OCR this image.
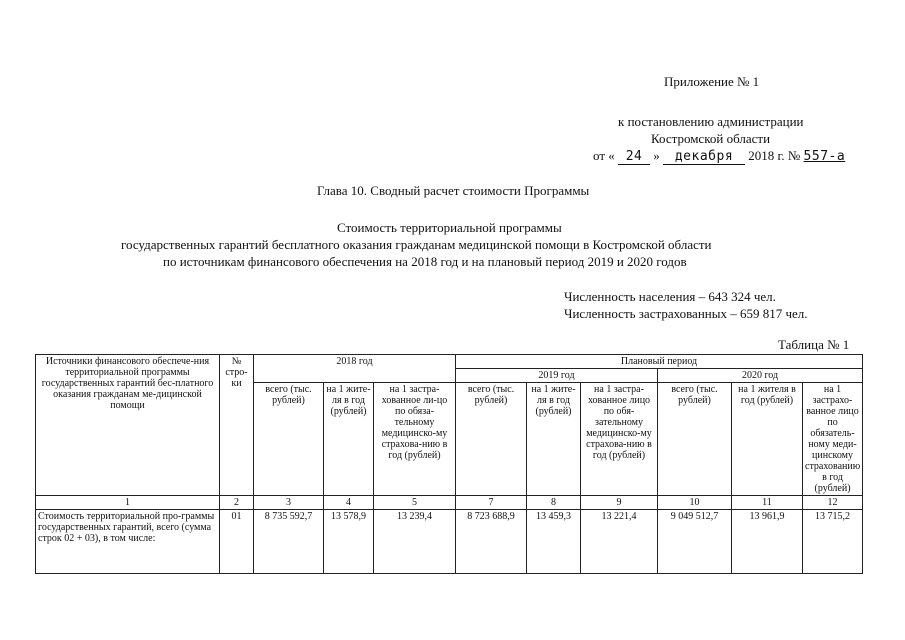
Приложение № 1
к постановлению администрации
Костромской области
от « 24 » декабря 2018 г. № 557-а
Глава 10. Сводный расчет стоимости Программы
Стоимость территориальной программы
государственных гарантий бесплатного оказания гражданам медицинской помощи в Костромской области
по источникам финансового обеспечения на 2018 год и на плановый период 2019 и 2020 годов
Численность населения – 643 324 чел.
Численность застрахованных – 659 817 чел.
Таблица № 1
Источники финансового обеспече-ния территориальной программы государственных гарантий бес-платного оказания гражданам ме-дицинской помощи	№ стро-ки	2018 год			Плановый период					
					2019 год			2020 год		
		всего (тыс. рублей)	на 1 жите-ля в год (рублей)	на 1 застра-хованное ли-цо по обяза-тельному медицинско-му страхова-нию в год (рублей)	всего (тыс. рублей)	на 1 жите-ля в год (рублей)	на 1 застра-хованное лицо по обя-зательному медицинско-му страхова-нию в год (рублей)	всего (тыс. рублей)	на 1 жителя в год (рублей)	на 1 застрахо-ванное лицо по обязатель-ному меди-цинскому страхованию в год (рублей)
1	2	3	4	5	7	8	9	10	11	12
Стоимость территориальной про-граммы государственных гарантий, всего (сумма строк 02 + 03), в том числе:	01	8 735 592,7	13 578,9	13 239,4	8 723 688,9	13 459,3	13 221,4	9 049 512,7	13 961,9	13 715,2
